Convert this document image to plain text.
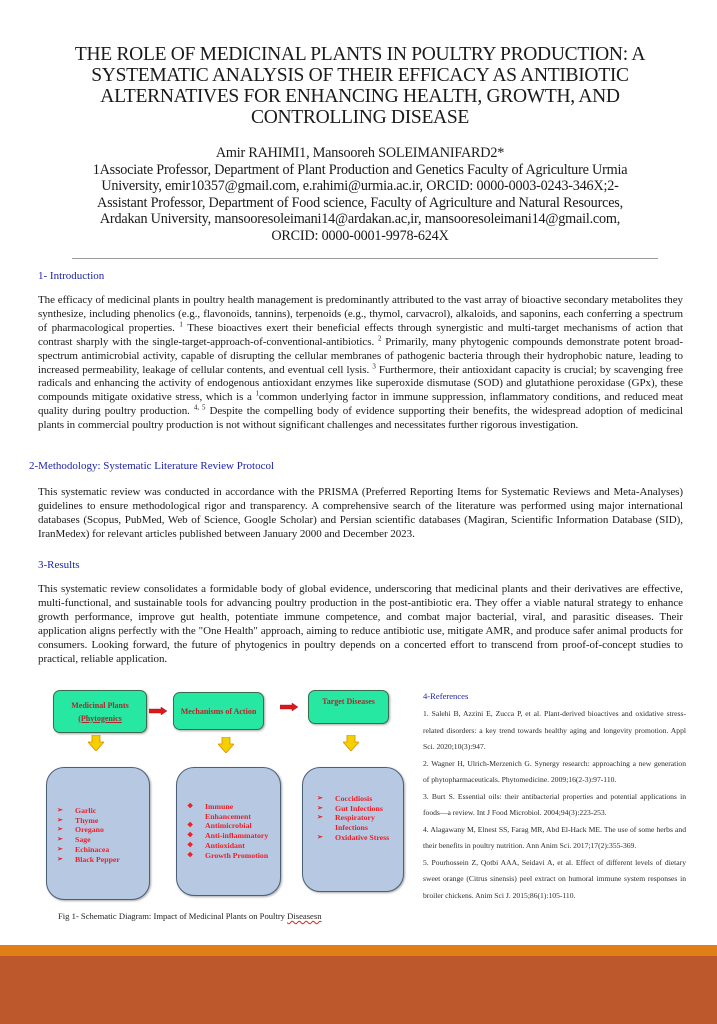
THE ROLE OF MEDICINAL PLANTS IN POULTRY PRODUCTION: A SYSTEMATIC ANALYSIS OF THEIR EFFICACY AS ANTIBIOTIC ALTERNATIVES FOR ENHANCING HEALTH, GROWTH, AND CONTROLLING DISEASE
Amir RAHIMI1, Mansooreh SOLEIMANIFARD2*
1Associate Professor, Department of Plant Production and Genetics Faculty of Agriculture Urmia
University, emir10357@gmail.com, e.rahimi@urmia.ac.ir, ORCID: 0000-0003-0243-346X;2-
Assistant Professor, Department of Food science, Faculty of Agriculture and Natural Resources,
Ardakan University, mansooresoleimani14@ardakan.ac,ir, mansooresoleimani14@gmail.com,
ORCID: 0000-0001-9978-624X
1- Introduction
The efficacy of medicinal plants in poultry health management is predominantly attributed to the vast array of bioactive secondary metabolites they synthesize, including phenolics (e.g., flavonoids, tannins), terpenoids (e.g., thymol, carvacrol), alkaloids, and saponins, each conferring a spectrum of pharmacological properties. $^1$ These bioactives exert their beneficial effects through synergistic and multi-target mechanisms of action that contrast sharply with the single-target-approach-of-conventional-antibiotics. $^2$ Primarily, many phytogenic compounds demonstrate potent broad-spectrum antimicrobial activity, capable of disrupting the cellular membranes of pathogenic bacteria through their hydrophobic nature, leading to increased permeability, leakage of cellular contents, and eventual cell lysis. $^3$ Furthermore, their antioxidant capacity is crucial; by scavenging free radicals and enhancing the activity of endogenous antioxidant enzymes like superoxide dismutase (SOD) and glutathione peroxidase (GPx), these compounds mitigate oxidative stress, which is a $^1$common underlying factor in immune suppression, inflammatory conditions, and reduced meat quality during poultry production. $^{4, 5}$ Despite the compelling body of evidence supporting their benefits, the widespread adoption of medicinal plants in commercial poultry production is not without significant challenges and necessitates further rigorous investigation.
2-Methodology: Systematic Literature Review Protocol
This systematic review was conducted in accordance with the PRISMA (Preferred Reporting Items for Systematic Reviews and Meta-Analyses) guidelines to ensure methodological rigor and transparency. A comprehensive search of the literature was performed using major international databases (Scopus, PubMed, Web of Science, Google Scholar) and Persian scientific databases (Magiran, Scientific Information Database (SID), IranMedex) for relevant articles published between January 2000 and December 2023.
3-Results
This systematic review consolidates a formidable body of global evidence, underscoring that medicinal plants and their derivatives are effective, multi-functional, and sustainable tools for advancing poultry production in the post-antibiotic era. They offer a viable natural strategy to enhance growth performance, improve gut health, potentiate immune competence, and combat major bacterial, viral, and parasitic diseases. Their application aligns perfectly with the "One Health" approach, aiming to reduce antibiotic use, mitigate AMR, and produce safer animal products for consumers. Looking forward, the future of phytogenics in poultry depends on a concerted effort to transcend from proof-of-concept studies to practical, reliable application.
Medicinal Plants
(Phytogenics
Mechanisms of Action
Target Diseases
➢ Garlic
➢ Thyme
➢ Oregano
➢ Sage
➢ Echinacea
➢ Black Pepper
❖ Immune
Enhancement
❖ Antimicrobial
❖ Anti-inflammatory
❖ Antioxidant
❖ Growth Promotion
➢ Coccidiosis
➢ Gut Infections
➢ Respiratory
Infections
➢ Oxidative Stress
Fig 1- Schematic Diagram: Impact of Medicinal Plants on Poultry Diseasesn
4-References
1. Salehi B, Azzini E, Zucca P, et al. Plant-derived bioactives and oxidative stress-related disorders: a key trend towards healthy aging and longevity promotion. Appl Sci. 2020;10(3):947.
2. Wagner H, Ulrich-Merzenich G. Synergy research: approaching a new generation of phytopharmaceuticals. Phytomedicine. 2009;16(2-3):97-110.
3. Burt S. Essential oils: their antibacterial properties and potential applications in foods—a review. Int J Food Microbiol. 2004;94(3):223-253.
4. Alagawany M, Elnest SS, Farag MR, Abd El-Hack ME. The use of some herbs and their benefits in poultry nutrition. Ann Anim Sci. 2017;17(2):355-369.
5. Pourhossein Z, Qotbi AAA, Seidavi A, et al. Effect of different levels of dietary sweet orange (Citrus sinensis) peel extract on humoral immune system responses in broiler chickens. Anim Sci J. 2015;86(1):105-110.
